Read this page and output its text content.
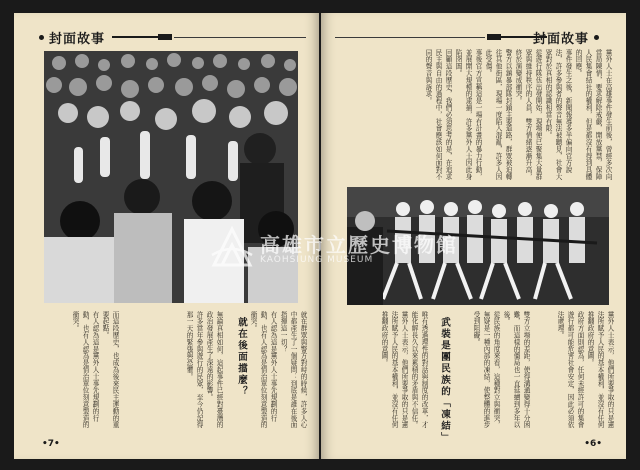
封面故事

就在群眾與警方對峙的時候，許多人心中都產生了一個疑問：到底是誰在後面指揮這一切？

有人認為這是黨外人士事先規劃的行動，也有人認為是情治單位刻意製造的衝突。

就在後面擋麼？

無論真相如何，這起事件已經對臺灣的政治發展產生了深遠的影響。

許多當年參與遊行的民眾，至今仍記得那一天的緊張與恐懼。

而這段歷史，也成為後來民主運動的重要起點。

有人認為這是黨外人士事先規劃的行動，也有人認為是情治單位刻意製造的衝突。

•7•
封面故事

黨外人士在高雄事件發生前後，曾經多次向當局陳情，要求解除戒嚴，開放黨禁，保障人民集會結社的權利，但是都沒有得到具體的回應。

事件發生之後，新聞報導多半偏向官方說法，許多參與者的聲音無法被聽見，社會大眾對於真相的認識相當有限。

從遊行隊伍出發開始，現場便已聚集大量群眾與維持秩序的人員，雙方情緒逐漸升高，終於演變成衝突。

警方以鎮暴部隊封鎖主要道路，群眾被迫轉往其他街區，現場一度陷入混亂，許多人因此受傷。

事後官方宣稱這是一場有計畫的暴力行動，並展開大規模的逮捕，許多黨外人士因此身陷囹圄。

回顧這段歷史，我們必須思考的是，在追求民主與自由的過程中，社會應該如何面對不同的聲音與訴求。

黨外人士表示，他們所要爭取的只是憲法所賦予人民的基本權利，並沒有任何推翻政府的意圖。

政府方面則認為，任何未經許可的集會遊行都可能危害社會安定，因此必須依法處理。

雙方立場的差距，使得溝通變得十分困難，而這樣的僵局也一直延續到多年以後。

從民族的角度來看，這種對立與衝突，無疑是一種內部的凍結，使整體的進步受到阻礙。

武裝是團民族的「凍結」

唯有透過理性的對話與制度的改革，才能化解長久以來累積的矛盾與不信任。

黨外人士表示，他們所要爭取的只是憲法所賦予人民的基本權利，並沒有任何推翻政府的意圖。

•6•
高雄市立歷史博物館
KAOHSIUNG MUSEUM
